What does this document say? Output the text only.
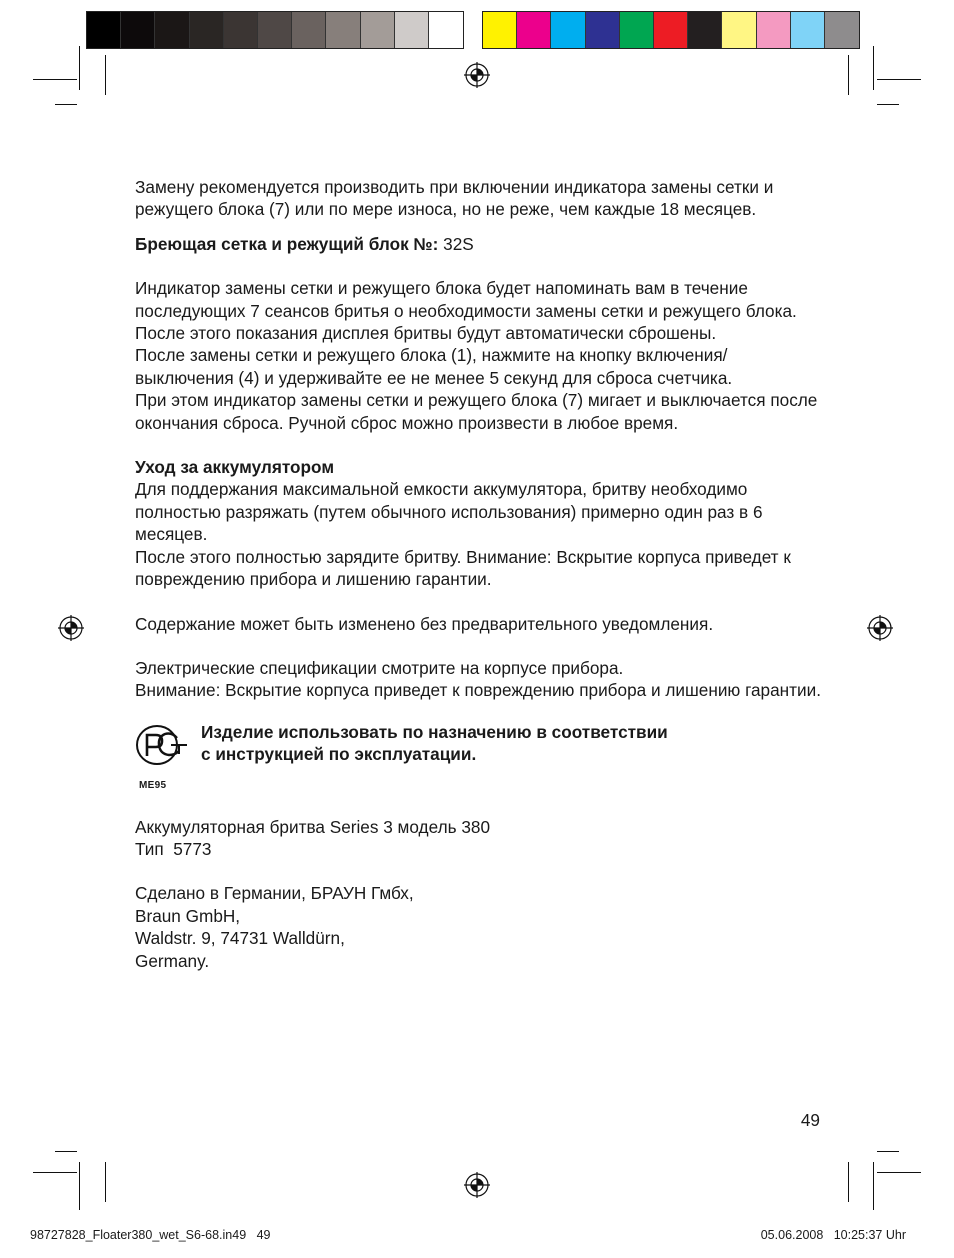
Замену рекомендуется производить при включении индикатора замены сетки и режущего блока (7) или по мере износа, но не реже, чем каждые 18 месяцев.

Бреющая сетка и режущий блок №: 32S

Индикатор замены сетки и режущего блока будет напоминать вам в течение последующих 7 сеансов бритья о необходимости замены сетки и режущего блока. После этого показания дисплея бритвы будут автоматически сброшены.

После замены сетки и режущего блока (1), нажмите на кнопку включения/выключения (4) и удерживайте ее не менее 5 секунд для сброса счетчика.

При этом индикатор замены сетки и режущего блока (7) мигает и выключается после окончания сброса. Ручной сброс можно произвести в любое время.

Уход за аккумулятором

Для поддержания максимальной емкости аккумулятора, бритву необходимо полностью разряжать (путем обычного использования) примерно один раз в 6 месяцев.

После этого полностью зарядите бритву. Внимание: Вскрытие корпуса приведет к повреждению прибора и лишению гарантии.

Содержание может быть изменено без предварительного уведомления.

Электрические спецификации смотрите на корпусе прибора.

Внимание: Вскрытие корпуса приведет к повреждению прибора и лишению гарантии.

ME95

Изделие использовать по назначению в соответствии

с инструкцией по эксплуатации.

Аккумуляторная бритва Series 3 модель 380

Тип  5773

Сделано в Германии, БРАУН Гмбх,

Braun GmbH,

Waldstr. 9, 74731 Walldürn,

Germany.

49
98727828_Floater380_wet_S6-68.in49   49	05.06.2008   10:25:37 Uhr
